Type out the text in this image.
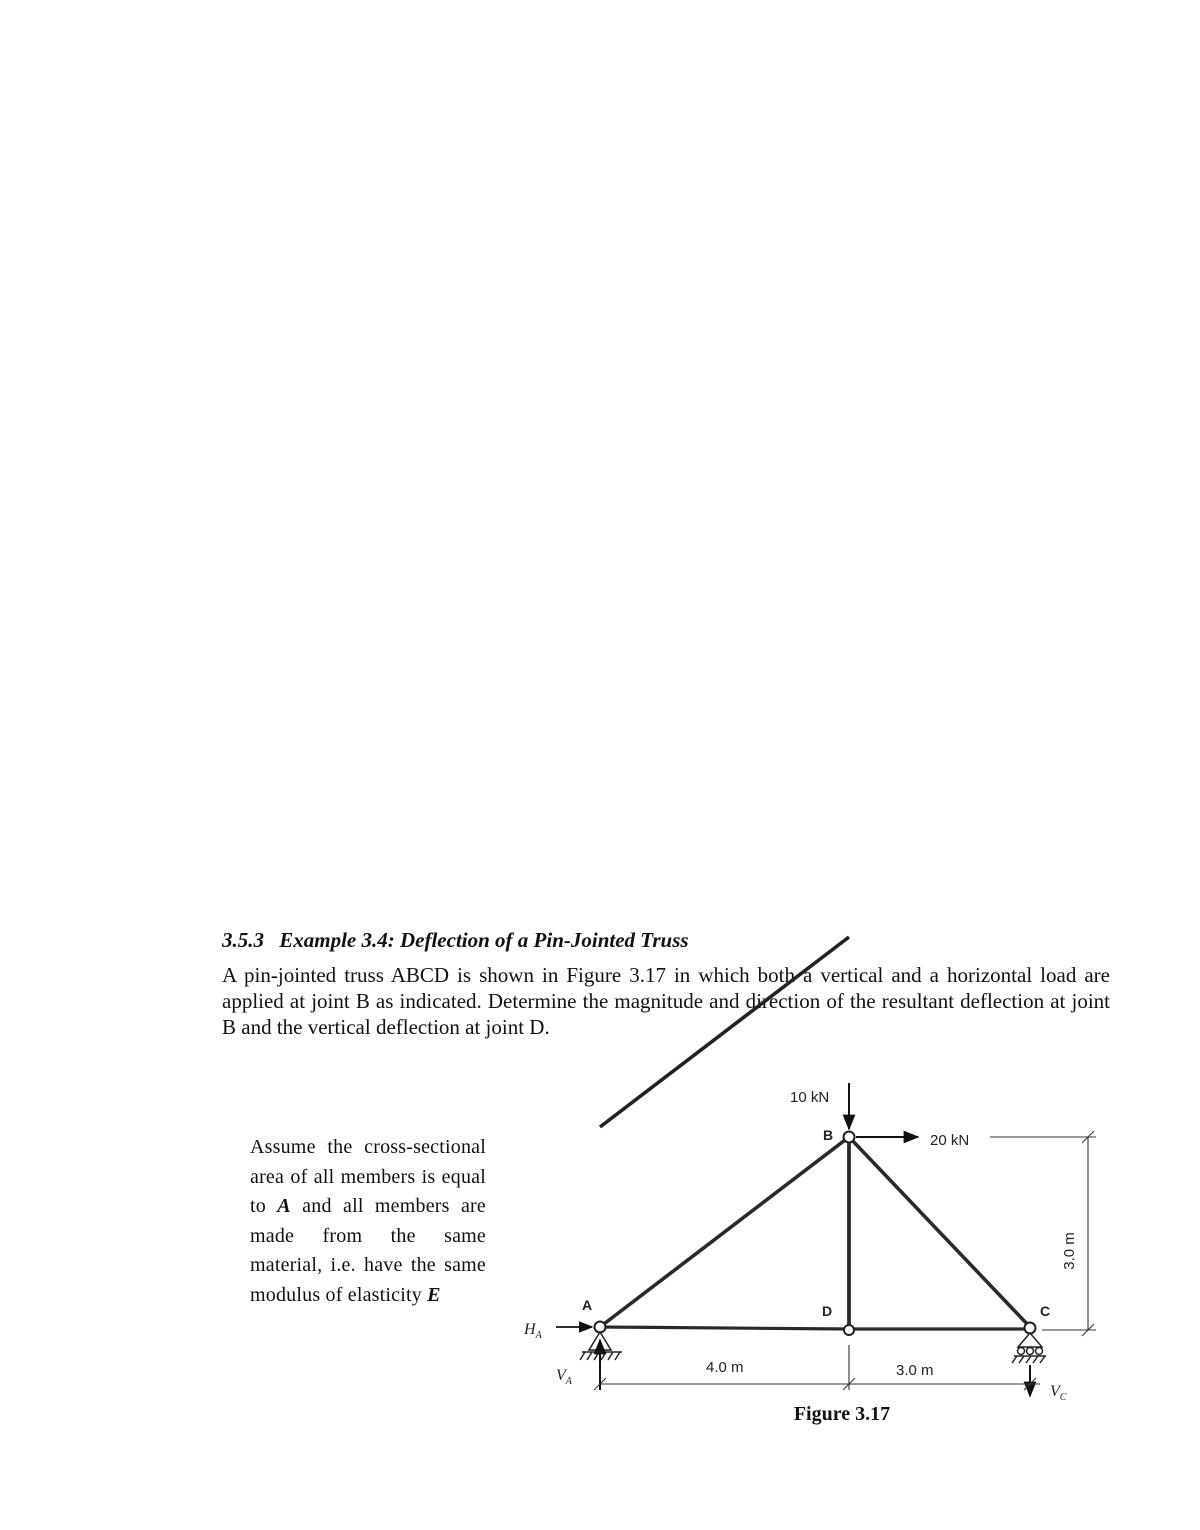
3.5.3 Example 3.4: Deflection of a Pin-Jointed Truss
A pin-jointed truss ABCD is shown in Figure 3.17 in which both a vertical and a horizontal load are applied at joint B as indicated. Determine the magnitude and direction of the resultant deflection at joint B and the vertical deflection at joint D.
Assume the cross-sectional area of all members is equal to A and all members are made from the same material, i.e. have the same modulus of elasticity E
10 kN
20 kN
B
A	D	C
$H_A$
$V_A$
$V_C$
4.0 m	3.0 m
3.0 m
Figure 3.17
